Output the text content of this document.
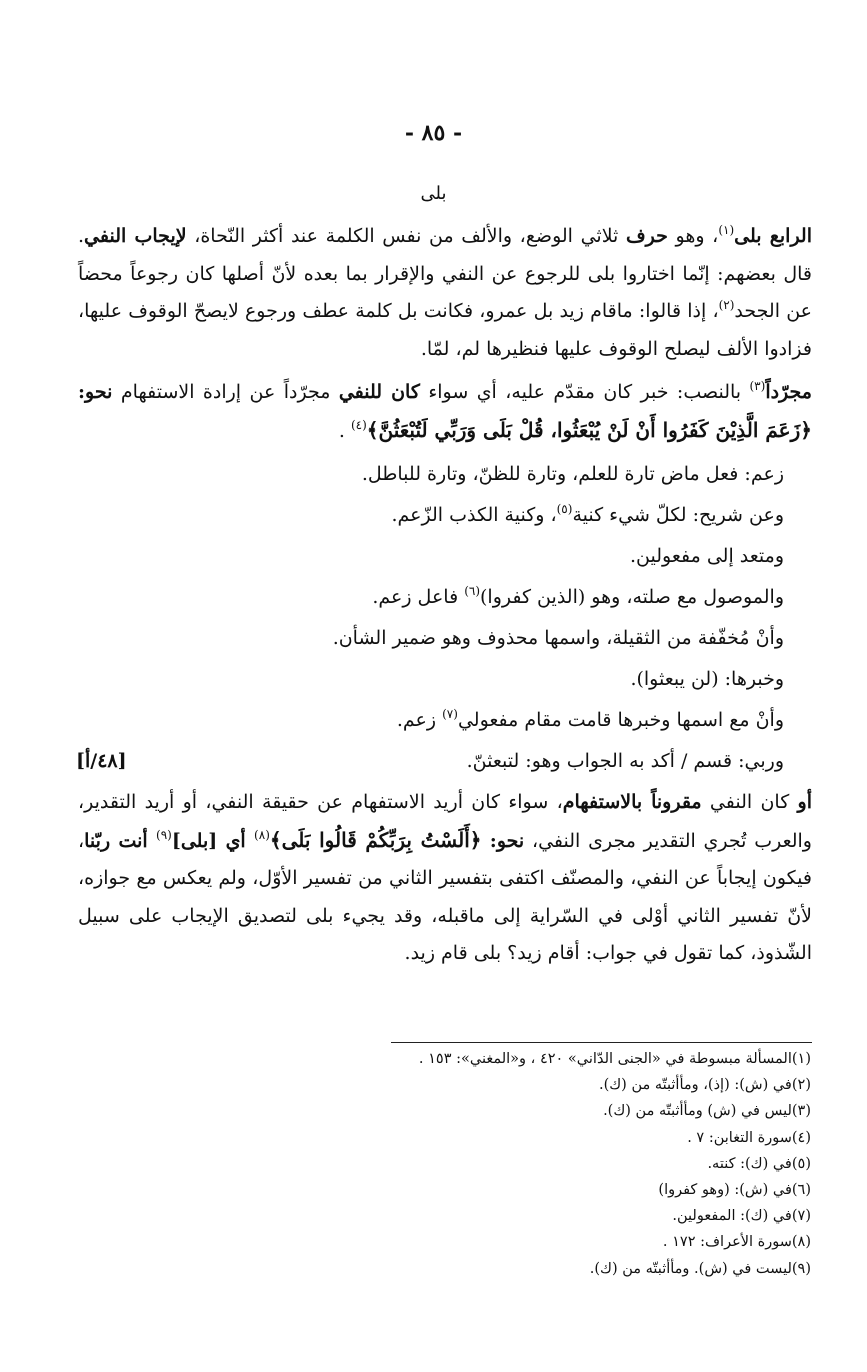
- ٨٥ -
بلى

الرابع بلى$^{(١)}$، وهو حرف ثلاثي الوضع، والألف من نفس الكلمة عند أكثر النّحاة، لإيجاب النفي. قال بعضهم: إنّما اختاروا بلى للرجوع عن النفي والإقرار بما بعده لأنّ أصلها كان رجوعاً محضاً عن الجحد$^{(٢)}$، إذا قالوا: ماقام زيد بل عمرو، فكانت بل كلمة عطف ورجوع لايصحّ الوقوف عليها، فزادوا الألف ليصلح الوقوف عليها فنظيرها لم، لمّا.

مجرّداً$^{(٣)}$ بالنصب: خبر كان مقدّم عليه، أي سواء كان للنفي مجرّداً عن إرادة الاستفهام نحو: ﴿زَعَمَ الَّذِيْنَ كَفَرُوا أَنْ لَنْ يُبْعَثُوا، قُلْ بَلَى وَرَبِّي لَتُبْعَثُنَّ﴾$^{(٤)}$ .

زعم: فعل ماض تارة للعلم، وتارة للظنّ، وتارة للباطل.
وعن شريح: لكلّ شيء كنية$^{(٥)}$، وكنية الكذب الزّعم.
ومتعد إلى مفعولين.
والموصول مع صلته، وهو (الذين كفروا)$^{(٦)}$ فاعل زعم.
وأنْ مُخفّفة من الثقيلة، واسمها محذوف وهو ضمير الشأن.
وخبرها: (لن يبعثوا).
وأنْ مع اسمها وخبرها قامت مقام مفعولي$^{(٧)}$ زعم.
وربي: قسم / أكد به الجواب وهو: لتبعثنّ.
[٤٨/أ]

أو كان النفي مقروناً بالاستفهام، سواء كان أريد الاستفهام عن حقيقة النفي، أو أريد التقدير، والعرب تُجري التقدير مجرى النفي، نحو: ﴿أَلَسْتُ بِرَبِّكُمْ قَالُوا بَلَى﴾$^{(٨)}$ أي [بلى]$^{(٩)}$ أنت ربّنا، فيكون إيجاباً عن النفي، والمصنّف اكتفى بتفسير الثاني من تفسير الأوّل، ولم يعكس مع جوازه، لأنّ تفسير الثاني أوْلى في السّراية إلى ماقبله، وقد يجيء بلى لتصديق الإيجاب على سبيل الشّذوذ، كما تقول في جواب: أقام زيد؟ بلى قام زيد.

(١)المسألة مبسوطة في «الجنى الدّاني» ٤٢٠ ، و«المغني»: ١٥٣ .

(٢)في (ش): (إذ)، ومأأثبتّه من (ك).

(٣)ليس في (ش) ومأأثبتّه من (ك).

(٤)سورة التغابن: ٧ .

(٥)في (ك): كنته.

(٦)في (ش): (وهو كفروا)

(٧)في (ك): المفعولين.

(٨)سورة الأعراف: ١٧٢ .

(٩)ليست في (ش). ومأأثبتّه من (ك).
